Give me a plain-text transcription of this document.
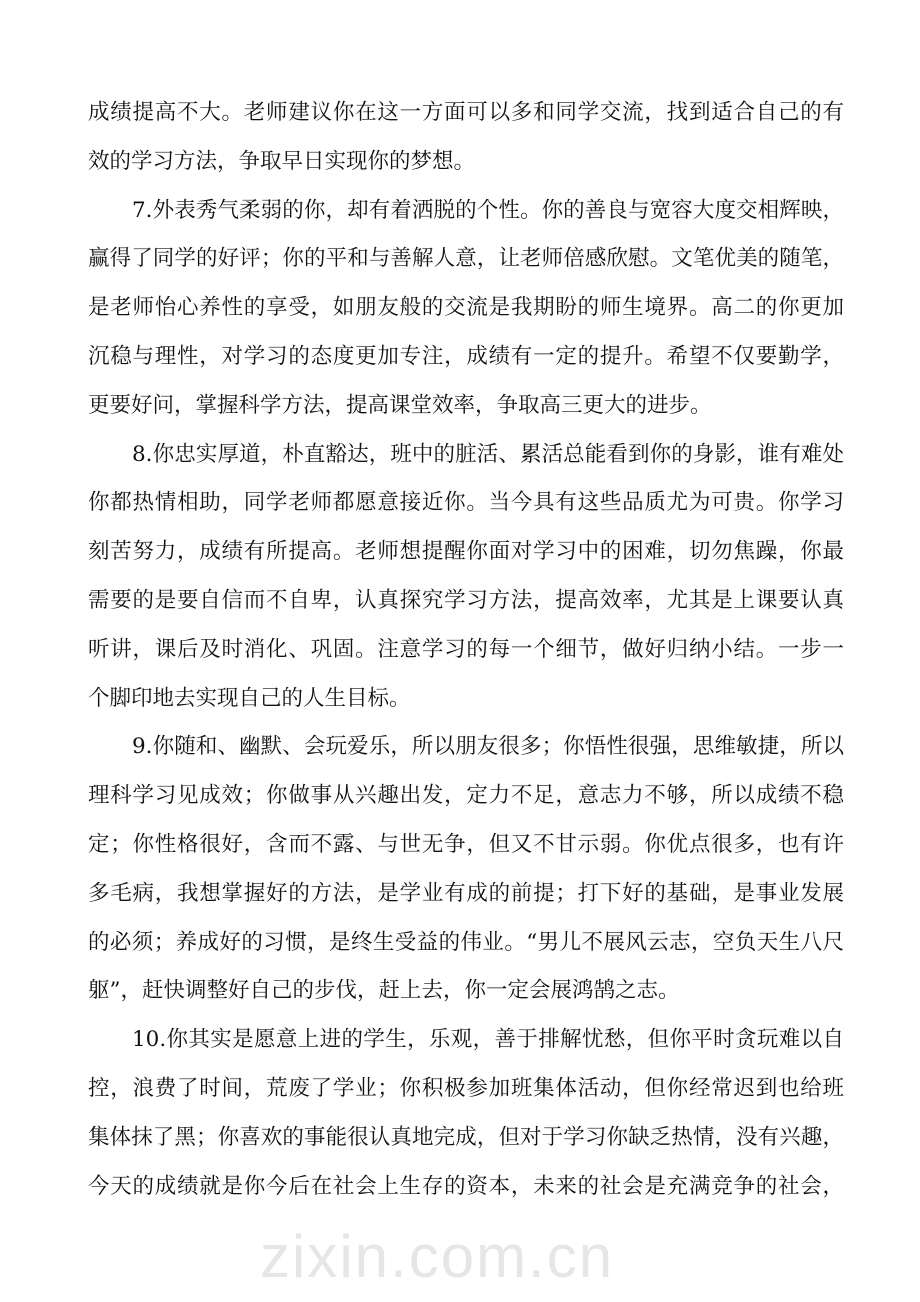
成绩提高不大。老师建议你在这一方面可以多和同学交流，找到适合自己的有
效的学习方法，争取早日实现你的梦想。
7.外表秀气柔弱的你，却有着洒脱的个性。你的善良与宽容大度交相辉映，
赢得了同学的好评；你的平和与善解人意，让老师倍感欣慰。文笔优美的随笔，
是老师怡心养性的享受，如朋友般的交流是我期盼的师生境界。高二的你更加
沉稳与理性，对学习的态度更加专注，成绩有一定的提升。希望不仅要勤学，
更要好问，掌握科学方法，提高课堂效率，争取高三更大的进步。
8.你忠实厚道，朴直豁达，班中的脏活、累活总能看到你的身影，谁有难处
你都热情相助，同学老师都愿意接近你。当今具有这些品质尤为可贵。你学习
刻苦努力，成绩有所提高。老师想提醒你面对学习中的困难，切勿焦躁，你最
需要的是要自信而不自卑，认真探究学习方法，提高效率，尤其是上课要认真
听讲，课后及时消化、巩固。注意学习的每一个细节，做好归纳小结。一步一
个脚印地去实现自己的人生目标。
9.你随和、幽默、会玩爱乐，所以朋友很多；你悟性很强，思维敏捷，所以
理科学习见成效；你做事从兴趣出发，定力不足，意志力不够，所以成绩不稳
定；你性格很好，含而不露、与世无争，但又不甘示弱。你优点很多，也有许
多毛病，我想掌握好的方法，是学业有成的前提；打下好的基础，是事业发展
的必须；养成好的习惯，是终生受益的伟业。“男儿不展风云志，空负天生八尺
躯”，赶快调整好自己的步伐，赶上去，你一定会展鸿鹄之志。
10.你其实是愿意上进的学生，乐观，善于排解忧愁，但你平时贪玩难以自
控，浪费了时间，荒废了学业；你积极参加班集体活动，但你经常迟到也给班
集体抹了黑；你喜欢的事能很认真地完成，但对于学习你缺乏热情，没有兴趣，
今天的成绩就是你今后在社会上生存的资本，未来的社会是充满竞争的社会，
zixin.com.cn
